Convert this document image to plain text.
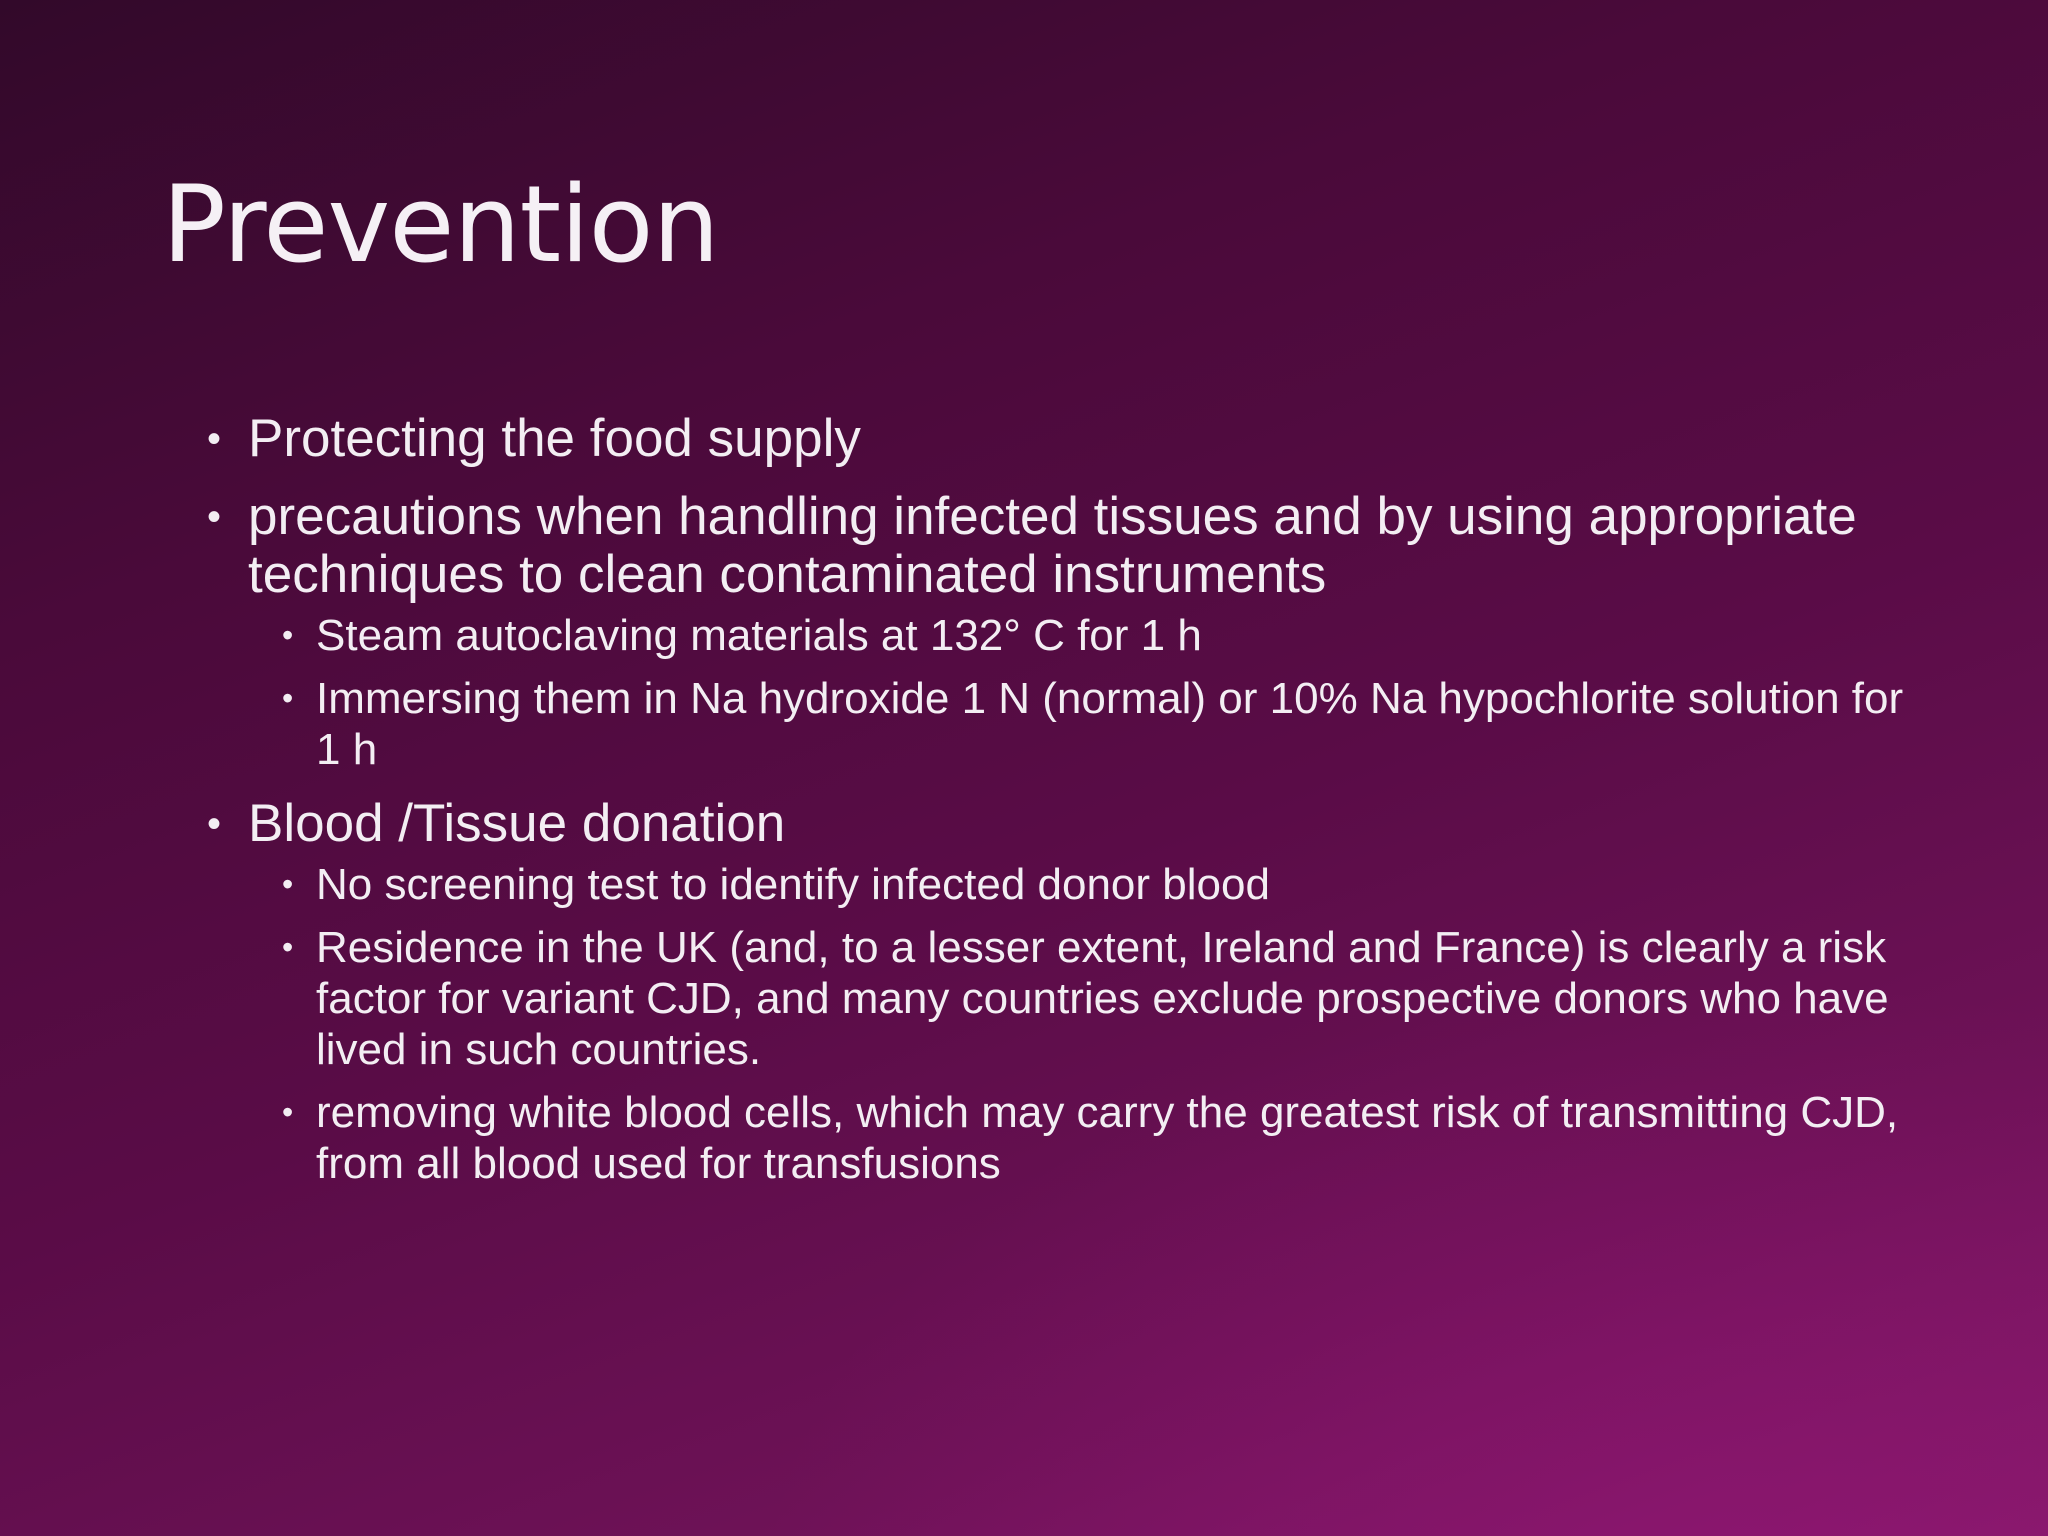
Prevention
• Protecting the food supply
• precautions when handling infected tissues and by using appropriate techniques to clean contaminated instruments
• Steam autoclaving materials at 132° C for 1 h
• Immersing them in Na hydroxide 1 N (normal) or 10% Na hypochlorite solution for 1 h
• Blood /Tissue donation
• No screening test to identify infected donor blood
• Residence in the UK (and, to a lesser extent, Ireland and France) is clearly a risk factor for variant CJD, and many countries exclude prospective donors who have lived in such countries.
• removing white blood cells, which may carry the greatest risk of transmitting CJD, from all blood used for transfusions
